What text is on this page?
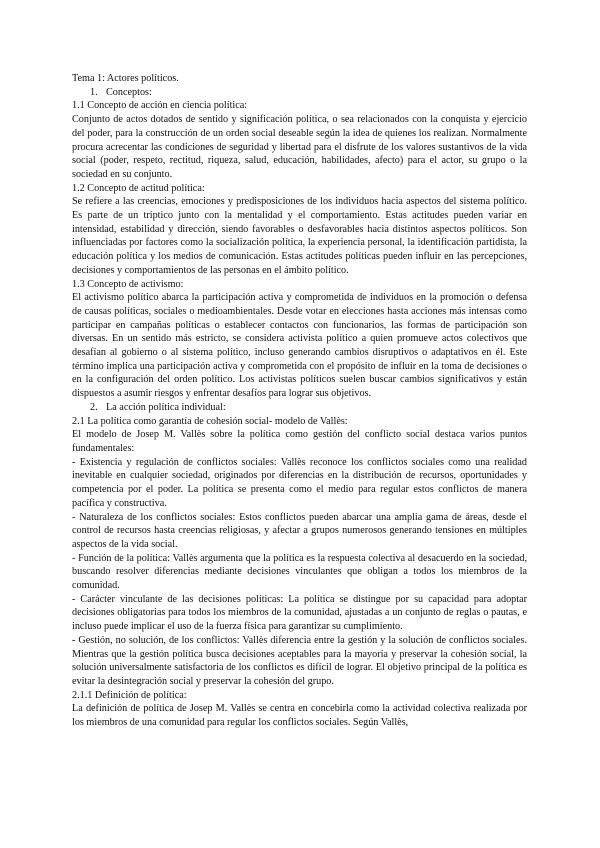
Tema 1: Actores políticos.

1. Conceptos:

1.1 Concepto de acción en ciencia política:

Conjunto de actos dotados de sentido y significación política, o sea relacionados con la conquista y ejercicio del poder, para la construcción de un orden social deseable según la idea de quienes los realizan. Normalmente procura acrecentar las condiciones de seguridad y libertad para el disfrute de los valores sustantivos de la vida social (poder, respeto, rectitud, riqueza, salud, educación, habilidades, afecto) para el actor, su grupo o la sociedad en su conjunto.

1.2 Concepto de actitud política:

Se refiere a las creencias, emociones y predisposiciones de los individuos hacia aspectos del sistema político. Es parte de un tríptico junto con la mentalidad y el comportamiento. Estas actitudes pueden variar en intensidad, estabilidad y dirección, siendo favorables o desfavorables hacia distintos aspectos políticos. Son influenciadas por factores como la socialización política, la experiencia personal, la identificación partidista, la educación política y los medios de comunicación. Estas actitudes políticas pueden influir en las percepciones, decisiones y comportamientos de las personas en el ámbito político.

1.3 Concepto de activismo:

El activismo político abarca la participación activa y comprometida de individuos en la promoción o defensa de causas políticas, sociales o medioambientales. Desde votar en elecciones hasta acciones más intensas como participar en campañas políticas o establecer contactos con funcionarios, las formas de participación son diversas. En un sentido más estricto, se considera activista político a quien promueve actos colectivos que desafían al gobierno o al sistema político, incluso generando cambios disruptivos o adaptativos en él. Este término implica una participación activa y comprometida con el propósito de influir en la toma de decisiones o en la configuración del orden político. Los activistas políticos suelen buscar cambios significativos y están dispuestos a asumir riesgos y enfrentar desafíos para lograr sus objetivos.

2. La acción política individual:

2.1 La política como garantía de cohesión social- modelo de Vallès:

El modelo de Josep M. Vallès sobre la política como gestión del conflicto social destaca varios puntos fundamentales:

- Existencia y regulación de conflictos sociales: Vallès reconoce los conflictos sociales como una realidad inevitable en cualquier sociedad, originados por diferencias en la distribución de recursos, oportunidades y competencia por el poder. La política se presenta como el medio para regular estos conflictos de manera pacífica y constructiva.

- Naturaleza de los conflictos sociales: Estos conflictos pueden abarcar una amplia gama de áreas, desde el control de recursos hasta creencias religiosas, y afectar a grupos numerosos generando tensiones en múltiples aspectos de la vida social.

- Función de la política: Vallès argumenta que la política es la respuesta colectiva al desacuerdo en la sociedad, buscando resolver diferencias mediante decisiones vinculantes que obligan a todos los miembros de la comunidad.

- Carácter vinculante de las decisiones políticas: La política se distingue por su capacidad para adoptar decisiones obligatorias para todos los miembros de la comunidad, ajustadas a un conjunto de reglas o pautas, e incluso puede implicar el uso de la fuerza física para garantizar su cumplimiento.

- Gestión, no solución, de los conflictos: Vallès diferencia entre la gestión y la solución de conflictos sociales. Mientras que la gestión política busca decisiones aceptables para la mayoría y preservar la cohesión social, la solución universalmente satisfactoria de los conflictos es difícil de lograr. El objetivo principal de la política es evitar la desintegración social y preservar la cohesión del grupo.

2.1.1 Definición de política:

La definición de política de Josep M. Vallès se centra en concebirla como la actividad colectiva realizada por los miembros de una comunidad para regular los conflictos sociales. Según Vallès,
